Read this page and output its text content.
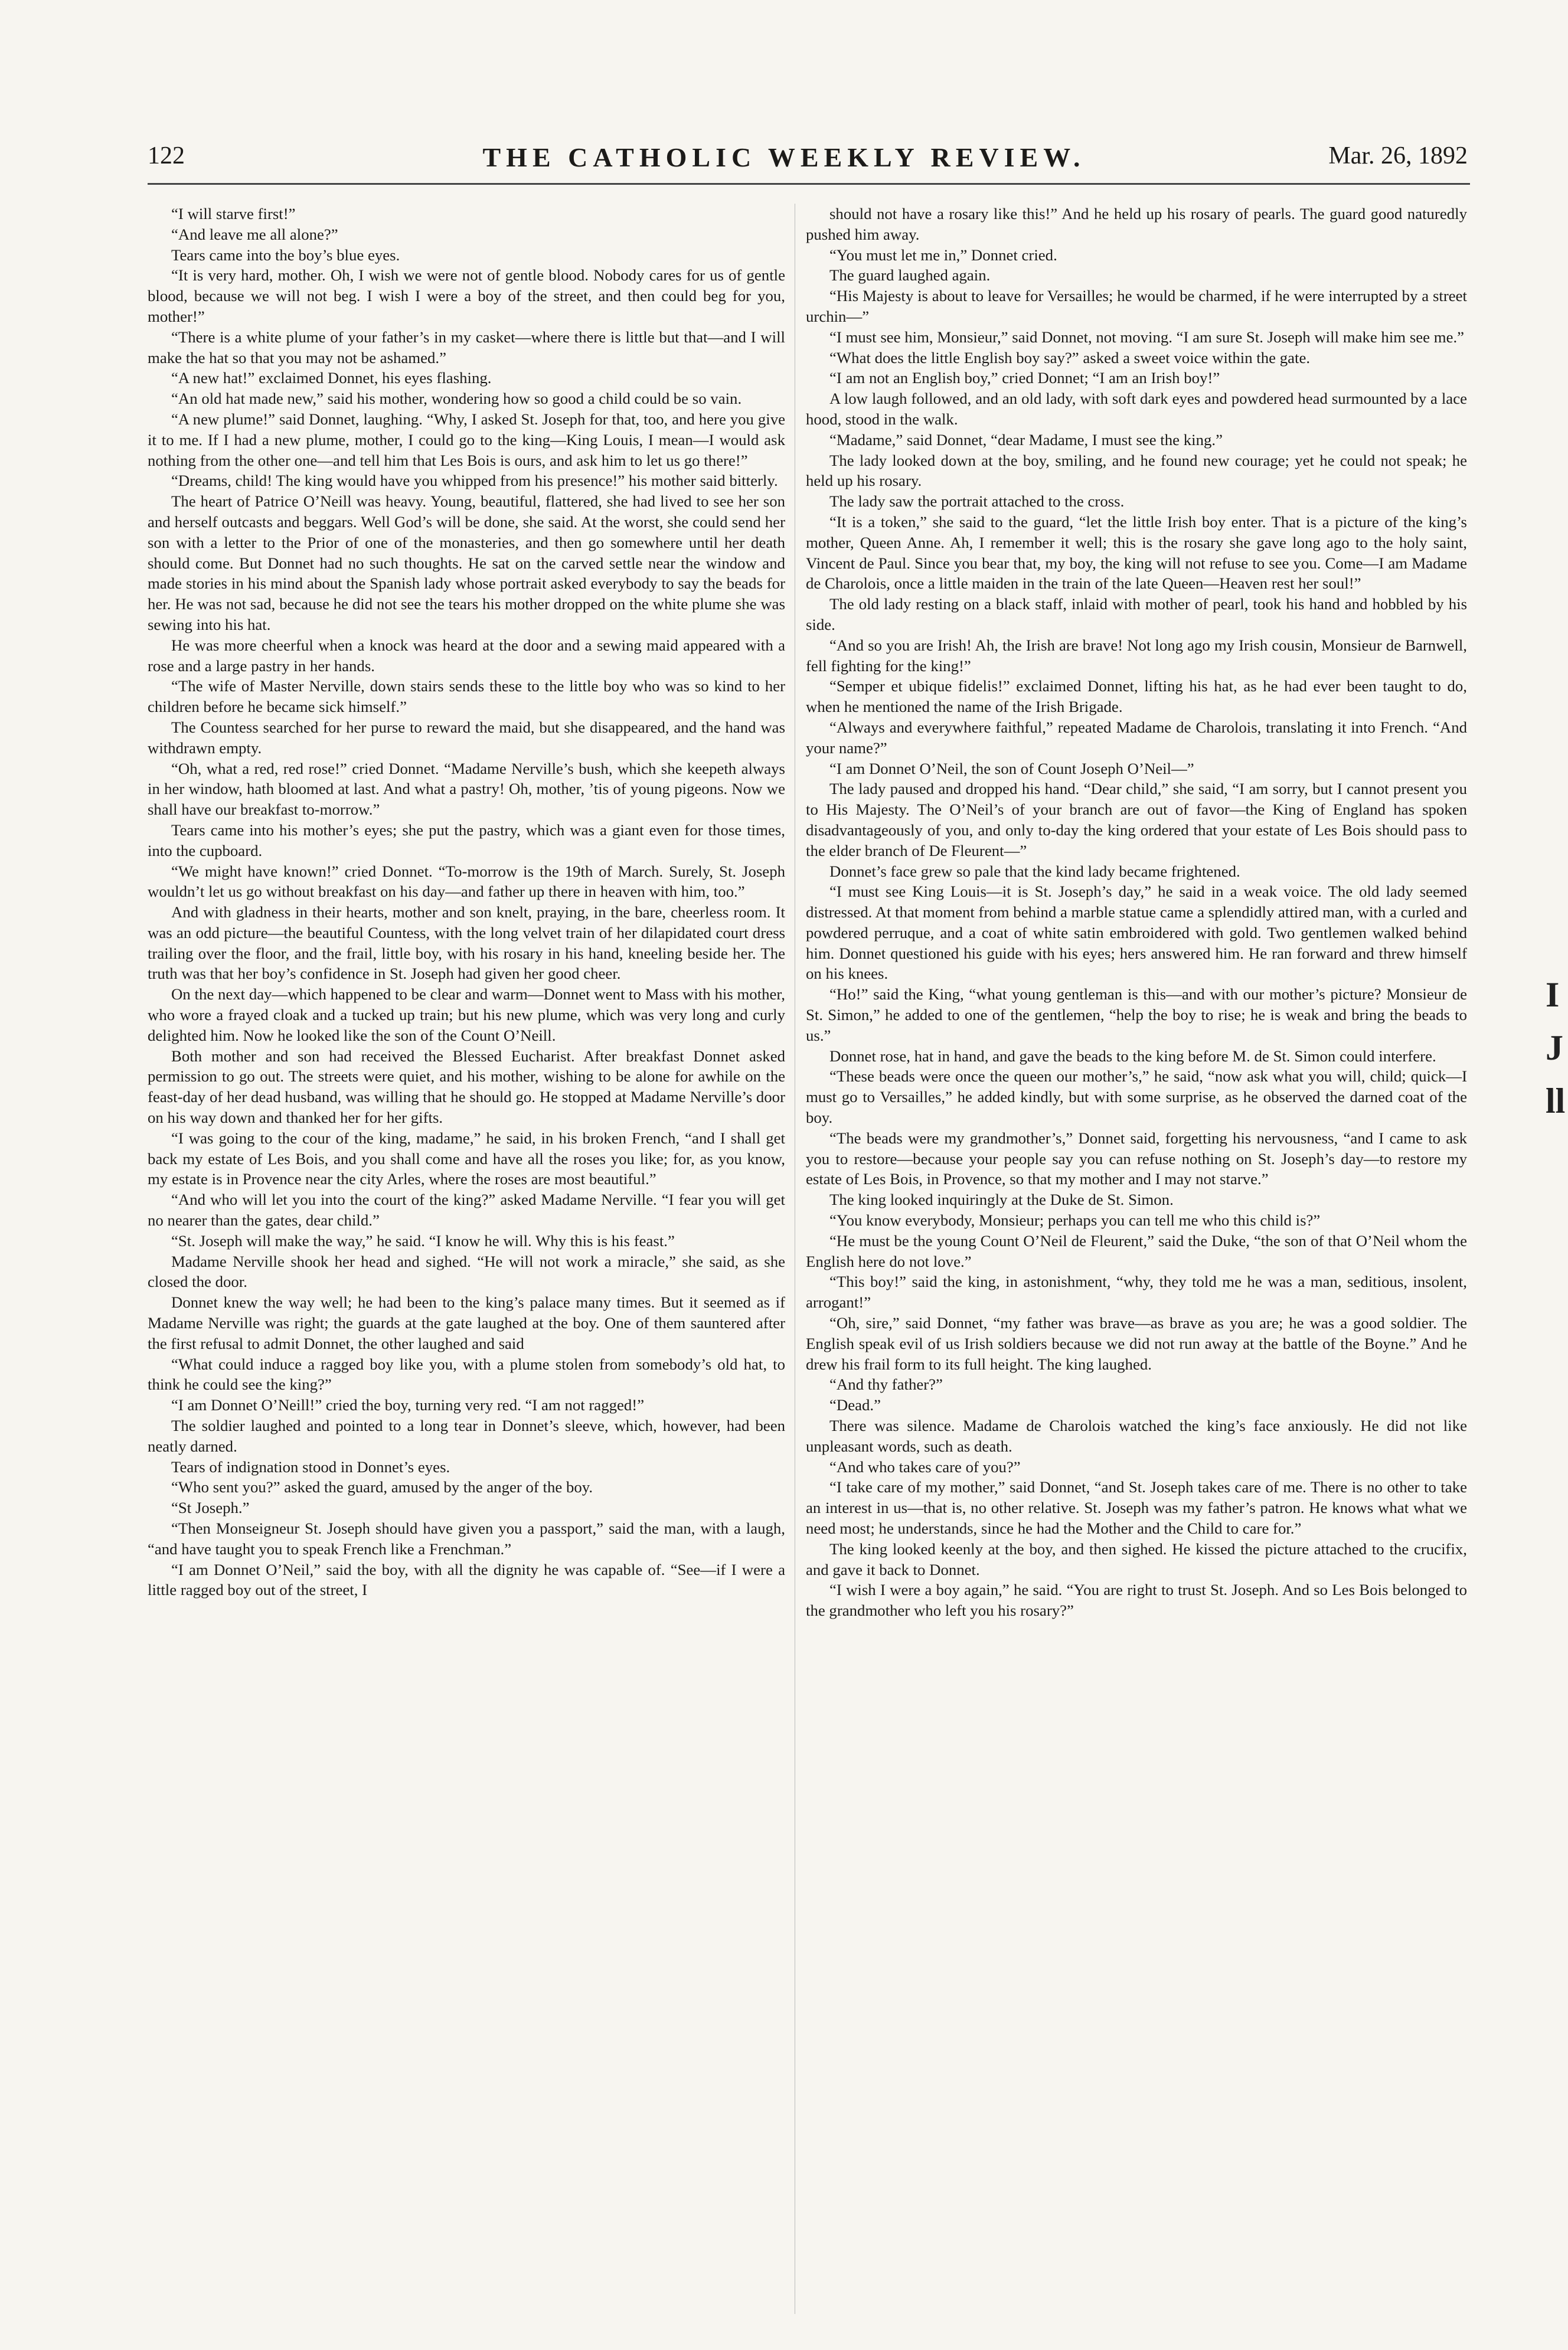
122	THE CATHOLIC WEEKLY REVIEW.	Mar. 26, 1892

“I will starve first!”

“And leave me all alone?”

Tears came into the boy’s blue eyes.

“It is very hard, mother. Oh, I wish we were not of gentle blood. Nobody cares for us of gentle blood, because we will not beg. I wish I were a boy of the street, and then could beg for you, mother!”

“There is a white plume of your father’s in my casket—where there is little but that—and I will make the hat so that you may not be ashamed.”

“A new hat!” exclaimed Donnet, his eyes flashing.

“An old hat made new,” said his mother, wondering how so good a child could be so vain.

“A new plume!” said Donnet, laughing. “Why, I asked St. Joseph for that, too, and here you give it to me. If I had a new plume, mother, I could go to the king—King Louis, I mean—I would ask nothing from the other one—and tell him that Les Bois is ours, and ask him to let us go there!”

“Dreams, child! The king would have you whipped from his presence!” his mother said bitterly.

The heart of Patrice O’Neill was heavy. Young, beautiful, flattered, she had lived to see her son and herself outcasts and beggars. Well God’s will be done, she said. At the worst, she could send her son with a letter to the Prior of one of the monasteries, and then go somewhere until her death should come. But Donnet had no such thoughts. He sat on the carved settle near the window and made stories in his mind about the Spanish lady whose portrait asked everybody to say the beads for her. He was not sad, because he did not see the tears his mother dropped on the white plume she was sewing into his hat.

He was more cheerful when a knock was heard at the door and a sewing maid appeared with a rose and a large pastry in her hands.

“The wife of Master Nerville, down stairs sends these to the little boy who was so kind to her children before he became sick himself.”

The Countess searched for her purse to reward the maid, but she disappeared, and the hand was withdrawn empty.

“Oh, what a red, red rose!” cried Donnet. “Madame Nerville’s bush, which she keepeth always in her window, hath bloomed at last. And what a pastry! Oh, mother, ’tis of young pigeons. Now we shall have our breakfast to-morrow.”

Tears came into his mother’s eyes; she put the pastry, which was a giant even for those times, into the cupboard.

“We might have known!” cried Donnet. “To-morrow is the 19th of March. Surely, St. Joseph wouldn’t let us go without breakfast on his day—and father up there in heaven with him, too.”

And with gladness in their hearts, mother and son knelt, praying, in the bare, cheerless room. It was an odd picture—the beautiful Countess, with the long velvet train of her dilapidated court dress trailing over the floor, and the frail, little boy, with his rosary in his hand, kneeling beside her. The truth was that her boy’s confidence in St. Joseph had given her good cheer.

On the next day—which happened to be clear and warm—Donnet went to Mass with his mother, who wore a frayed cloak and a tucked up train; but his new plume, which was very long and curly delighted him. Now he looked like the son of the Count O’Neill.

Both mother and son had received the Blessed Eucharist. After breakfast Donnet asked permission to go out. The streets were quiet, and his mother, wishing to be alone for awhile on the feast-day of her dead husband, was willing that he should go. He stopped at Madame Nerville’s door on his way down and thanked her for her gifts.

“I was going to the cour of the king, madame,” he said, in his broken French, “and I shall get back my estate of Les Bois, and you shall come and have all the roses you like; for, as you know, my estate is in Provence near the city Arles, where the roses are most beautiful.”

“And who will let you into the court of the king?” asked Madame Nerville. “I fear you will get no nearer than the gates, dear child.”

“St. Joseph will make the way,” he said. “I know he will. Why this is his feast.”

Madame Nerville shook her head and sighed. “He will not work a miracle,” she said, as she closed the door.

Donnet knew the way well; he had been to the king’s palace many times. But it seemed as if Madame Nerville was right; the guards at the gate laughed at the boy. One of them sauntered after the first refusal to admit Donnet, the other laughed and said

“What could induce a ragged boy like you, with a plume stolen from somebody’s old hat, to think he could see the king?”

“I am Donnet O’Neill!” cried the boy, turning very red. “I am not ragged!”

The soldier laughed and pointed to a long tear in Donnet’s sleeve, which, however, had been neatly darned.

Tears of indignation stood in Donnet’s eyes.

“Who sent you?” asked the guard, amused by the anger of the boy.

“St Joseph.”

“Then Monseigneur St. Joseph should have given you a passport,” said the man, with a laugh, “and have taught you to speak French like a Frenchman.”

“I am Donnet O’Neil,” said the boy, with all the dignity he was capable of. “See—if I were a little ragged boy out of the street, I

should not have a rosary like this!” And he held up his rosary of pearls. The guard good naturedly pushed him away.

“You must let me in,” Donnet cried.

The guard laughed again.

“His Majesty is about to leave for Versailles; he would be charmed, if he were interrupted by a street urchin—”

“I must see him, Monsieur,” said Donnet, not moving. “I am sure St. Joseph will make him see me.”

“What does the little English boy say?” asked a sweet voice within the gate.

“I am not an English boy,” cried Donnet; “I am an Irish boy!”

A low laugh followed, and an old lady, with soft dark eyes and powdered head surmounted by a lace hood, stood in the walk.

“Madame,” said Donnet, “dear Madame, I must see the king.”

The lady looked down at the boy, smiling, and he found new courage; yet he could not speak; he held up his rosary.

The lady saw the portrait attached to the cross.

“It is a token,” she said to the guard, “let the little Irish boy enter. That is a picture of the king’s mother, Queen Anne. Ah, I remember it well; this is the rosary she gave long ago to the holy saint, Vincent de Paul. Since you bear that, my boy, the king will not refuse to see you. Come—I am Madame de Charolois, once a little maiden in the train of the late Queen—Heaven rest her soul!”

The old lady resting on a black staff, inlaid with mother of pearl, took his hand and hobbled by his side.

“And so you are Irish! Ah, the Irish are brave! Not long ago my Irish cousin, Monsieur de Barnwell, fell fighting for the king!”

“Semper et ubique fidelis!” exclaimed Donnet, lifting his hat, as he had ever been taught to do, when he mentioned the name of the Irish Brigade.

“Always and everywhere faithful,” repeated Madame de Charolois, translating it into French. “And your name?”

“I am Donnet O’Neil, the son of Count Joseph O’Neil—”

The lady paused and dropped his hand. “Dear child,” she said, “I am sorry, but I cannot present you to His Majesty. The O’Neil’s of your branch are out of favor—the King of England has spoken disadvantageously of you, and only to-day the king ordered that your estate of Les Bois should pass to the elder branch of De Fleurent—”

Donnet’s face grew so pale that the kind lady became frightened.

“I must see King Louis—it is St. Joseph’s day,” he said in a weak voice. The old lady seemed distressed. At that moment from behind a marble statue came a splendidly attired man, with a curled and powdered perruque, and a coat of white satin embroidered with gold. Two gentlemen walked behind him. Donnet questioned his guide with his eyes; hers answered him. He ran forward and threw himself on his knees.

“Ho!” said the King, “what young gentleman is this—and with our mother’s picture? Monsieur de St. Simon,” he added to one of the gentlemen, “help the boy to rise; he is weak and bring the beads to us.”

Donnet rose, hat in hand, and gave the beads to the king before M. de St. Simon could interfere.

“These beads were once the queen our mother’s,” he said, “now ask what you will, child; quick—I must go to Versailles,” he added kindly, but with some surprise, as he observed the darned coat of the boy.

“The beads were my grandmother’s,” Donnet said, forgetting his nervousness, “and I came to ask you to restore—because your people say you can refuse nothing on St. Joseph’s day—to restore my estate of Les Bois, in Provence, so that my mother and I may not starve.”

The king looked inquiringly at the Duke de St. Simon.

“You know everybody, Monsieur; perhaps you can tell me who this child is?”

“He must be the young Count O’Neil de Fleurent,” said the Duke, “the son of that O’Neil whom the English here do not love.”

“This boy!” said the king, in astonishment, “why, they told me he was a man, seditious, insolent, arrogant!”

“Oh, sire,” said Donnet, “my father was brave—as brave as you are; he was a good soldier. The English speak evil of us Irish soldiers because we did not run away at the battle of the Boyne.” And he drew his frail form to its full height. The king laughed.

“And thy father?”

“Dead.”

There was silence. Madame de Charolois watched the king’s face anxiously. He did not like unpleasant words, such as death.

“And who takes care of you?”

“I take care of my mother,” said Donnet, “and St. Joseph takes care of me. There is no other to take an interest in us—that is, no other relative. St. Joseph was my father’s patron. He knows what what we need most; he understands, since he had the Mother and the Child to care for.”

The king looked keenly at the boy, and then sighed. He kissed the picture attached to the crucifix, and gave it back to Donnet.

“I wish I were a boy again,” he said. “You are right to trust St. Joseph. And so Les Bois belonged to the grandmother who left you his rosary?”

I
J
ll
